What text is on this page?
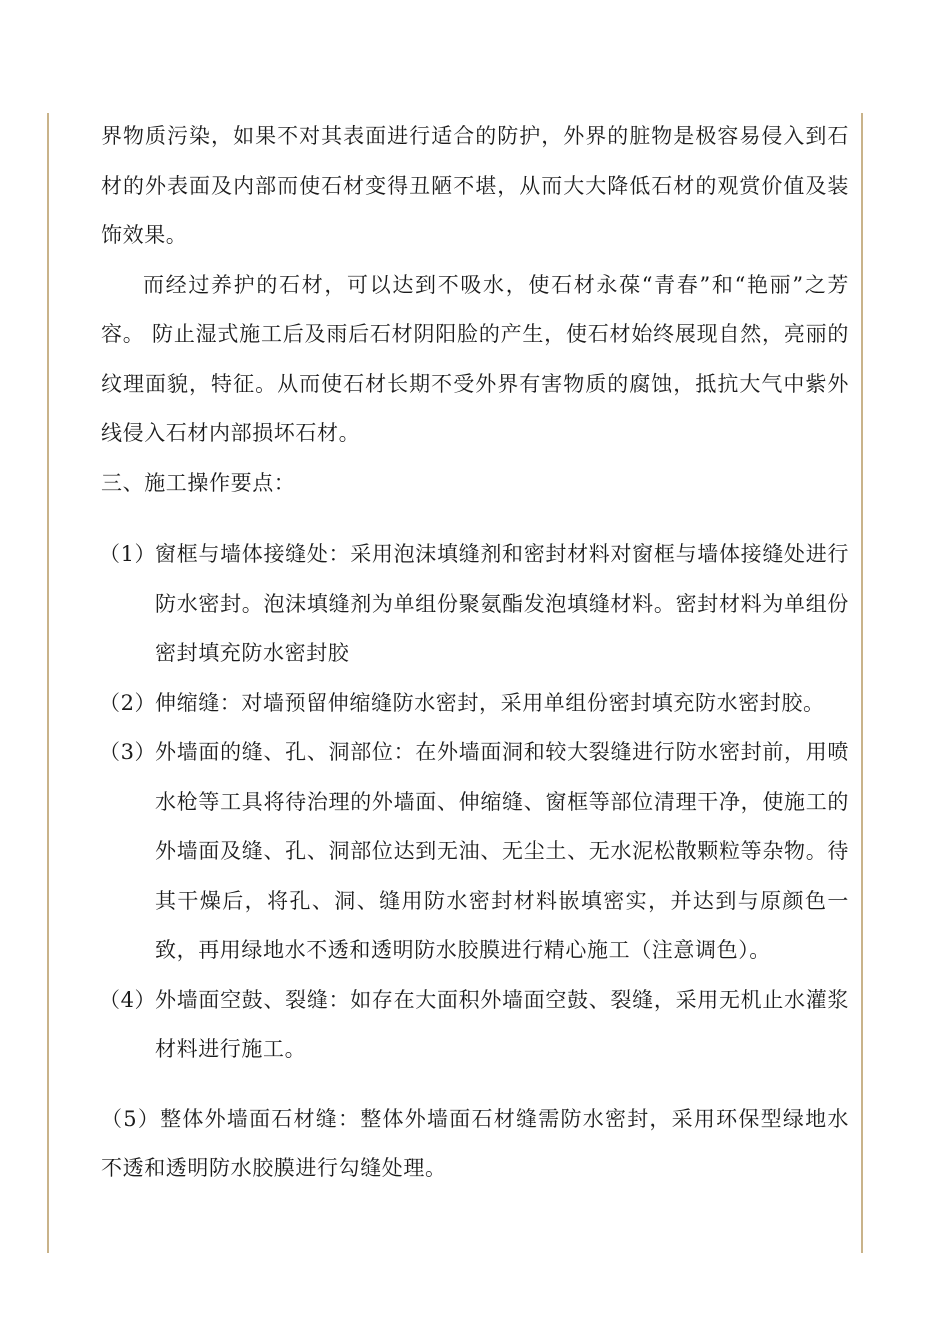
界物质污染，如果不对其表面进行适合的防护，外界的脏物是极容易侵入到石材的外表面及内部而使石材变得丑陋不堪，从而大大降低石材的观赏价值及装饰效果。

而经过养护的石材，可以达到不吸水，使石材永葆“青春”和“艳丽”之芳容。 防止湿式施工后及雨后石材阴阳脸的产生，使石材始终展现自然，亮丽的纹理面貌，特征。从而使石材长期不受外界有害物质的腐蚀，抵抗大气中紫外线侵入石材内部损坏石材。

三、施工操作要点：

（1）
窗框与墙体接缝处：采用泡沫填缝剂和密封材料对窗框与墙体接缝处进行防水密封。泡沫填缝剂为单组份聚氨酯发泡填缝材料。密封材料为单组份密封填充防水密封胶
（2）
伸缩缝：对墙预留伸缩缝防水密封，采用单组份密封填充防水密封胶。
（3）
外墙面的缝、孔、洞部位：在外墙面洞和较大裂缝进行防水密封前，用喷水枪等工具将待治理的外墙面、伸缩缝、窗框等部位清理干净，使施工的外墙面及缝、孔、洞部位达到无油、无尘土、无水泥松散颗粒等杂物。待其干燥后，将孔、洞、缝用防水密封材料嵌填密实，并达到与原颜色一致，再用绿地水不透和透明防水胶膜进行精心施工（注意调色）。
（4）
外墙面空鼓、裂缝：如存在大面积外墙面空鼓、裂缝，采用无机止水灌浆材料进行施工。

（5）整体外墙面石材缝：整体外墙面石材缝需防水密封，采用环保型绿地水不透和透明防水胶膜进行勾缝处理。
